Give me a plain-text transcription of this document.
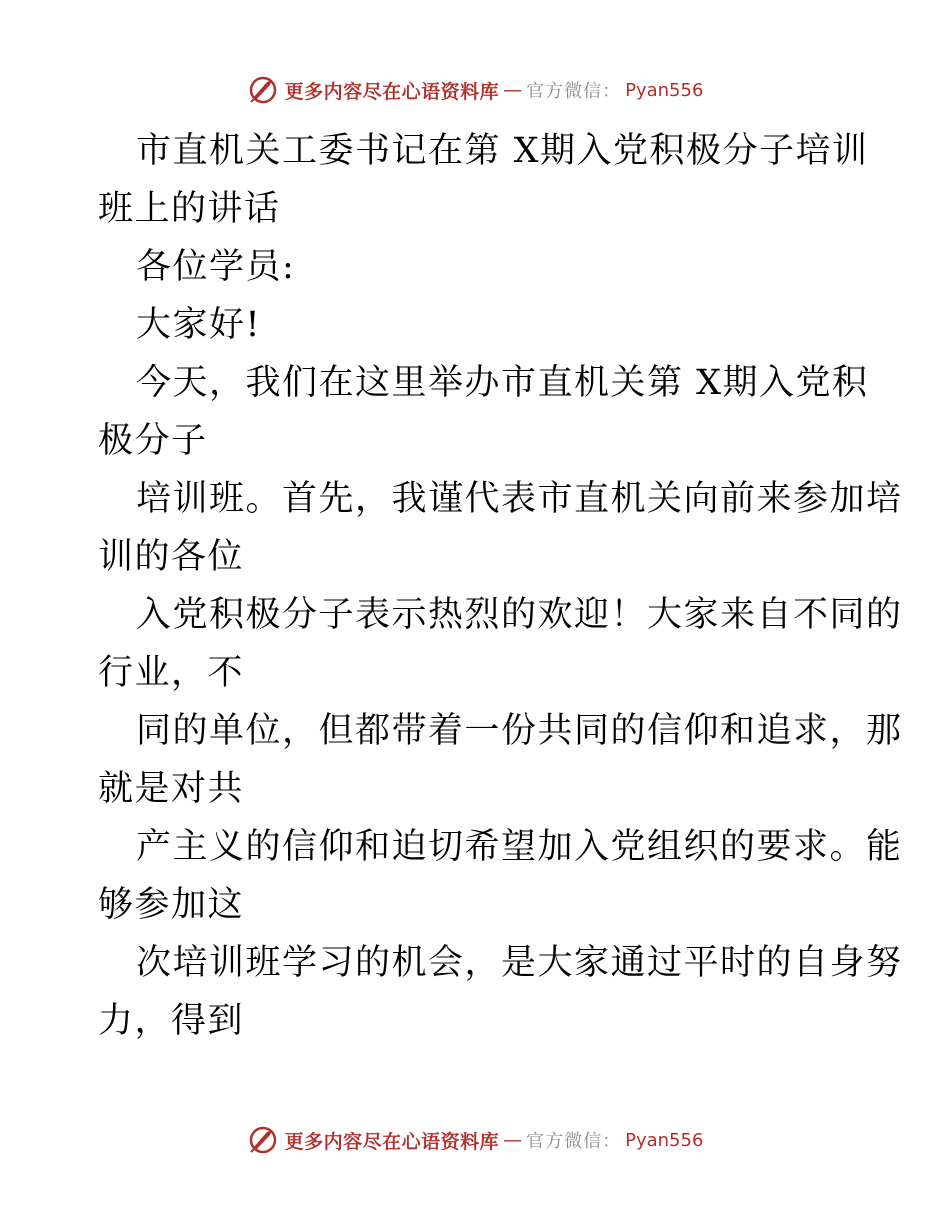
更多内容尽在心语资料库 — 官方微信： Pyan556
市直机关工委书记在第 X期入党积极分子培训
班上的讲话
各位学员:
大家好!
今天，我们在这里举办市直机关第 X期入党积
极分子
培训班。首先，我谨代表市直机关向前来参加培
训的各位
入党积极分子表示热烈的欢迎！大家来自不同的
行业，不
同的单位，但都带着一份共同的信仰和追求，那
就是对共
产主义的信仰和迫切希望加入党组织的要求。能
够参加这
次培训班学习的机会，是大家通过平时的自身努
力，得到
更多内容尽在心语资料库 — 官方微信： Pyan556
